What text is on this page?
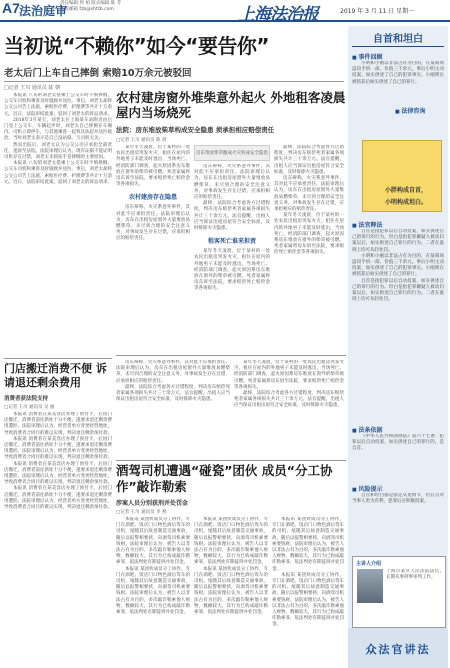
A7 法治庭审
责任编辑 周 柏 版式编辑 陈 芳
本版邮箱 fzb@shfzb.com	上海法治报	2019 年 3 月 11 日 星期一
当初说“不赖你”如今“要告你”
老太后门上车自己摔倒 索赔10万余元被驳回
□记者 王川 通讯员 陆 朝

本报讯 八旬的刘老太搭乘上公交车时不慎摔倒，公交车司机和乘客及时施救并送医。事后，刘老太却将公交公司告上法庭，索赔医疗费、护理费等共计十万余元。近日，法院审结此案，驳回了刘老太的诉讼请求。

2018年3月某天，刘老太在上海某车站附近由后门登上公交车，车辆起步时，刘老太自己摔倒在车厢内。司机立即停车，与其他乘客一起将其扶起并送医救治。当时刘老太表示是自己没站稳，与司机无关。

然而出院后，刘老太认为公交公司应承担全部责任，遂诉至法院。法院审理后认为，现有证据不能证明司机存在过错，刘老太未抓扶手是摔倒的主要原因。

本报讯 八旬的刘老太搭乘上公交车时不慎摔倒，公交车司机和乘客及时施救并送医。事后，刘老太却将公交公司告上法庭，索赔医疗费、护理费等共计十万余元。近日，法院审结此案，驳回了刘老太的诉讼请求。

农村建房窗外堆柴意外起火 外地租客凌晨屋内当场烧死
法院：房东堆放柴草构成安全隐患 须承担相应赔偿责任
□记者 王川 通讯员 陈 晨

某年冬天凌晨，位于某村的一处农民出租房突发火灾，租住在屋内的外地男子未能及时逃出，当场死亡。经消防部门调查，起火原因系房东堆放在窗外的柴草被引燃。死者家属将房东诉至法院，要求赔偿死亡赔偿金等各项损失。

农村建房存在隐患

房东辩称，火灾系意外事件，其对此不应承担责任。法院审理后认为，房东在出租房屋窗外大量堆放易燃柴草，未尽到合理的安全注意义务，对事故发生存在过错，应承担相应的赔偿责任。

房东堆放柴草酿成火灾构成安全隐患

房东辩称，火灾系意外事件，其对此不应承担责任。法院审理后认为，房东在出租房屋窗外大量堆放易燃柴草，未尽到合理的安全注意义务，对事故发生存在过错，应承担相应的赔偿责任。

最终，法院综合考虑各方过错程度，判决房东赔偿死者家属各项损失共计三十余万元。法官提醒，出租人应当保证出租房屋符合安全标准，及时排除火灾隐患。

租客死亡谁来担责

某年冬天凌晨，位于某村的一处农民出租房突发火灾，租住在屋内的外地男子未能及时逃出，当场死亡。经消防部门调查，起火原因系房东堆放在窗外的柴草被引燃。死者家属将房东诉至法院，要求赔偿死亡赔偿金等各项损失。

最终，法院综合考虑各方过错程度，判决房东赔偿死者家属各项损失共计三十余万元。法官提醒，出租人应当保证出租房屋符合安全标准，及时排除火灾隐患。

房东辩称，火灾系意外事件，其对此不应承担责任。法院审理后认为，房东在出租房屋窗外大量堆放易燃柴草，未尽到合理的安全注意义务，对事故发生存在过错，应承担相应的赔偿责任。

某年冬天凌晨，位于某村的一处农民出租房突发火灾，租住在屋内的外地男子未能及时逃出，当场死亡。经消防部门调查，起火原因系房东堆放在窗外的柴草被引燃。死者家属将房东诉至法院，要求赔偿死亡赔偿金等各项损失。

门店搬迁消费不便 诉请退还剩余费用
消费者获法院支持
□记者 王川 通讯员 吴 丽

本报讯 消费者在某美容店办理了预付卡，后因门店搬迁，消费者前往新址十分不便，遂要求退还剩余费用遭拒。法院审理后认为，经营者单方变更经营地址，导致消费者合同目的难以实现，判决退还剩余预付款。

本报讯 消费者在某美容店办理了预付卡，后因门店搬迁，消费者前往新址十分不便，遂要求退还剩余费用遭拒。法院审理后认为，经营者单方变更经营地址，导致消费者合同目的难以实现，判决退还剩余预付款。

本报讯 消费者在某美容店办理了预付卡，后因门店搬迁，消费者前往新址十分不便，遂要求退还剩余费用遭拒。法院审理后认为，经营者单方变更经营地址，导致消费者合同目的难以实现，判决退还剩余预付款。

本报讯 消费者在某美容店办理了预付卡，后因门店搬迁，消费者前往新址十分不便，遂要求退还剩余费用遭拒。法院审理后认为，经营者单方变更经营地址，导致消费者合同目的难以实现，判决退还剩余预付款。

房东辩称，火灾系意外事件，其对此不应承担责任。法院审理后认为，房东在出租房屋窗外大量堆放易燃柴草，未尽到合理的安全注意义务，对事故发生存在过错，应承担相应的赔偿责任。

最终，法院综合考虑各方过错程度，判决房东赔偿死者家属各项损失共计三十余万元。法官提醒，出租人应当保证出租房屋符合安全标准，及时排除火灾隐患。

某年冬天凌晨，位于某村的一处农民出租房突发火灾，租住在屋内的外地男子未能及时逃出，当场死亡。经消防部门调查，起火原因系房东堆放在窗外的柴草被引燃。死者家属将房东诉至法院，要求赔偿死亡赔偿金等各项损失。

最终，法院综合考虑各方过错程度，判决房东赔偿死者家属各项损失共计三十余万元。法官提醒，出租人应当保证出租房屋符合安全标准，及时排除火灾隐患。

酒驾司机遭遇“碰瓷”团伙 成员“分工协作”敲诈勒索
涉案人员分别获刑并处罚金
□记者 王川 通讯员 李 燕

本报讯 某团伙成员分工协作，专门在酒吧、饭店门口物色酒后驾车的司机，尾随其后故意制造交通事故，随后以报警相要挟，向酒驾司机索要钱财。法院审理后认为，被告人以非法占有为目的，多次敲诈勒索他人财物，数额较大，其行为已构成敲诈勒索罪，依法判处有期徒刑并处罚金。

本报讯 某团伙成员分工协作，专门在酒吧、饭店门口物色酒后驾车的司机，尾随其后故意制造交通事故，随后以报警相要挟，向酒驾司机索要钱财。法院审理后认为，被告人以非法占有为目的，多次敲诈勒索他人财物，数额较大，其行为已构成敲诈勒索罪，依法判处有期徒刑并处罚金。

本报讯 某团伙成员分工协作，专门在酒吧、饭店门口物色酒后驾车的司机，尾随其后故意制造交通事故，随后以报警相要挟，向酒驾司机索要钱财。法院审理后认为，被告人以非法占有为目的，多次敲诈勒索他人财物，数额较大，其行为已构成敲诈勒索罪，依法判处有期徒刑并处罚金。

本报讯 某团伙成员分工协作，专门在酒吧、饭店门口物色酒后驾车的司机，尾随其后故意制造交通事故，随后以报警相要挟，向酒驾司机索要钱财。法院审理后认为，被告人以非法占有为目的，多次敲诈勒索他人财物，数额较大，其行为已构成敲诈勒索罪，依法判处有期徒刑并处罚金。

本报讯 某团伙成员分工协作，专门在酒吧、饭店门口物色酒后驾车的司机，尾随其后故意制造交通事故，随后以报警相要挟，向酒驾司机索要钱财。法院审理后认为，被告人以非法占有为目的，多次敲诈勒索他人财物，数额较大，其行为已构成敲诈勒索罪，依法判处有期徒刑并处罚金。

本报讯 某团伙成员分工协作，专门在酒吧、饭店门口物色酒后驾车的司机，尾随其后故意制造交通事故，随后以报警相要挟，向酒驾司机索要钱财。法院审理后认为，被告人以非法占有为目的，多次敲诈勒索他人财物，数额较大，其行为已构成敲诈勒索罪，依法判处有期徒刑并处罚金。

自首和坦白
■ 事件回顾

小明和小刚以非法占有为目的，在某商场盗窃手机一部，价值三千余元。事后小明主动投案，如实供述了自己的犯罪事实。小刚则在被抓获后如实供述了自己的罪行。

■ 法律咨询
小胖构成自首，
小明构成坦白。
■ 法官释法

自首是指犯罪以后自动投案，如实供述自己的罪行的行为。坦白是指犯罪嫌疑人被动归案以后，如实供述自己罪行的行为。二者在量刑上均可从轻处罚。

小明和小刚以非法占有为目的，在某商场盗窃手机一部，价值三千余元。事后小明主动投案，如实供述了自己的犯罪事实。小刚则在被抓获后如实供述了自己的罪行。

自首是指犯罪以后自动投案，如实供述自己的罪行的行为。坦白是指犯罪嫌疑人被动归案以后，如实供述自己罪行的行为。二者在量刑上均可从轻处罚。

■ 法条依据

《中华人民共和国刑法》第六十七条：犯罪以后自动投案，如实供述自己的罪行的，是自首。

■ 风险提示

自首和坦白都是法定从宽情节，但自首对当事人更为有利，犯罪后应积极投案。

主讲人介绍

上海市某区人民法院法官，长期从事刑事审判工作。

众法官讲法
